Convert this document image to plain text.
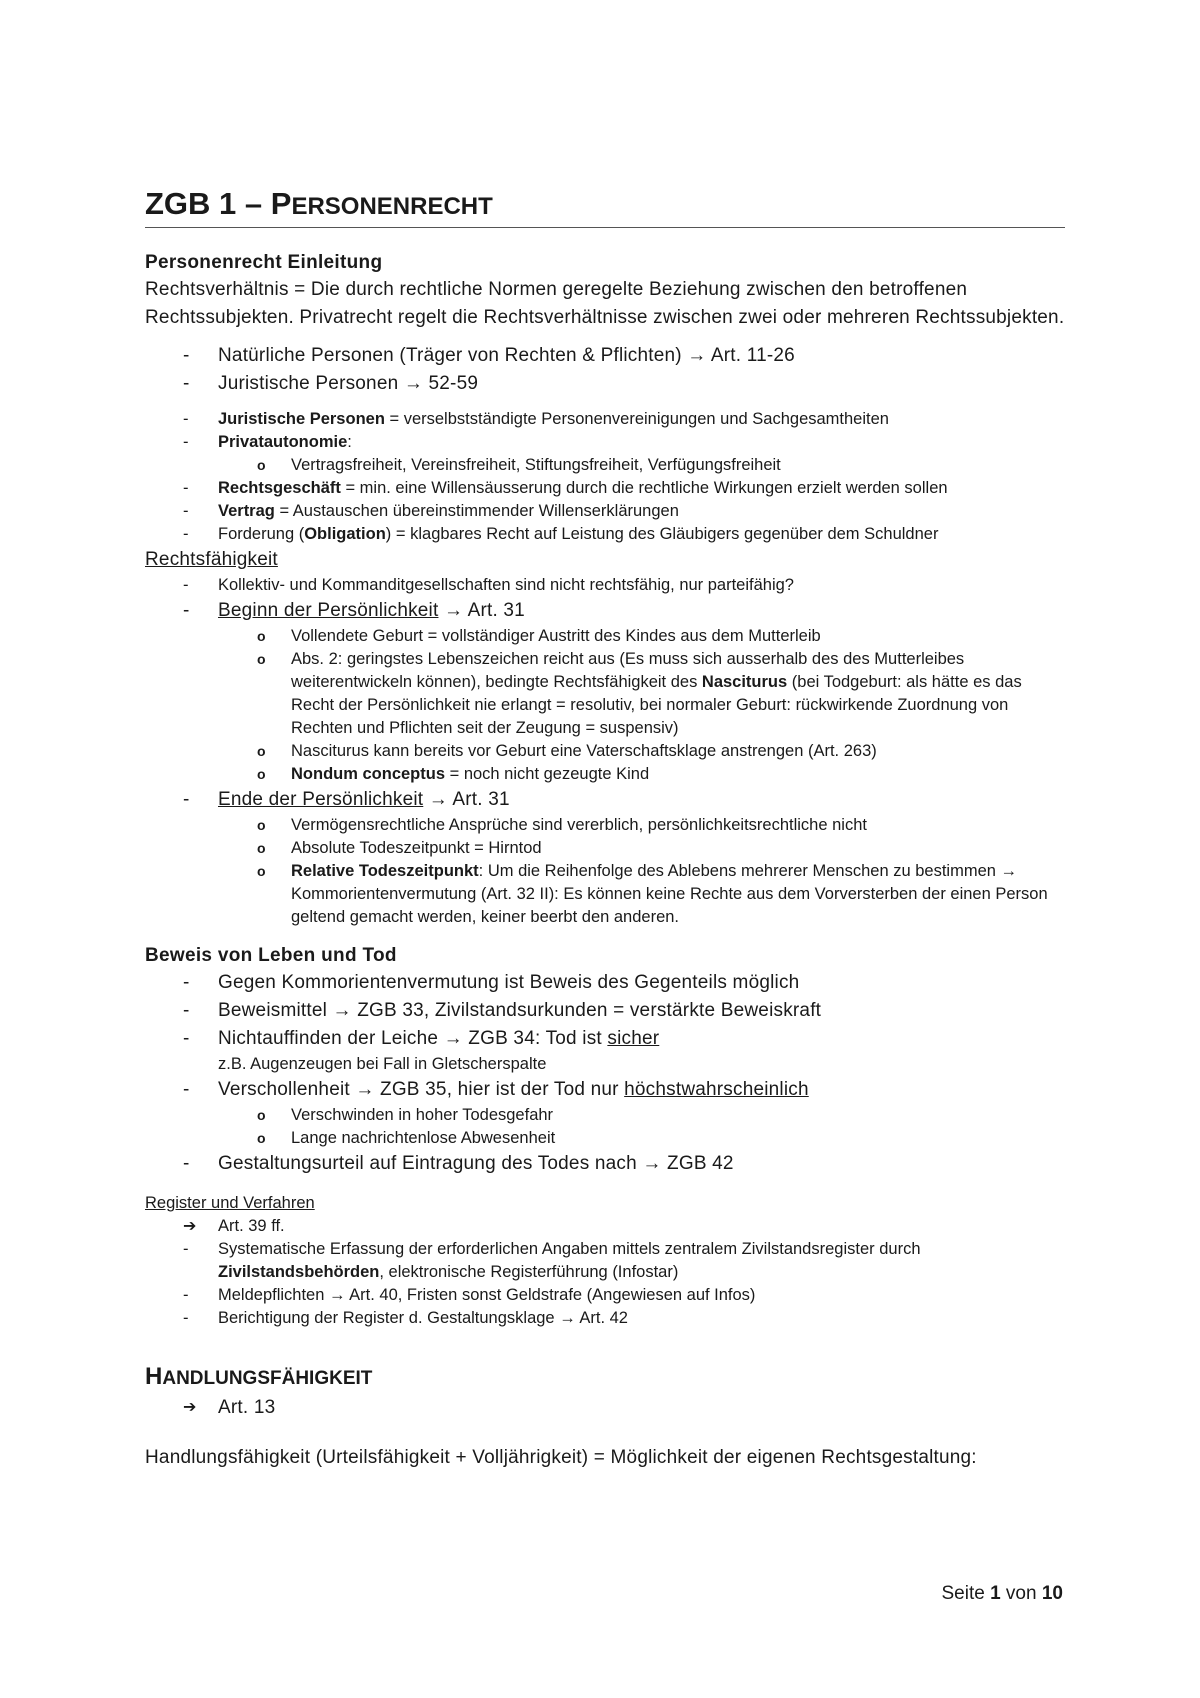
ZGB 1 – PERSONENRECHT

Personenrecht Einleitung

Rechtsverhältnis = Die durch rechtliche Normen geregelte Beziehung zwischen den betroffenen Rechtssubjekten. Privatrecht regelt die Rechtsverhältnisse zwischen zwei oder mehreren Rechtssubjekten.

- Natürliche Personen (Träger von Rechten & Pflichten) → Art. 11-26
- Juristische Personen → 52-59
- Juristische Personen = verselbstständigte Personenvereinigungen und Sachgesamtheiten
- Privatautonomie:
o Vertragsfreiheit, Vereinsfreiheit, Stiftungsfreiheit, Verfügungsfreiheit
- Rechtsgeschäft = min. eine Willensäusserung durch die rechtliche Wirkungen erzielt werden sollen
- Vertrag = Austauschen übereinstimmender Willenserklärungen
- Forderung (Obligation) = klagbares Recht auf Leistung des Gläubigers gegenüber dem Schuldner

Rechtsfähigkeit

- Kollektiv- und Kommanditgesellschaften sind nicht rechtsfähig, nur parteifähig?
- Beginn der Persönlichkeit → Art. 31
o Vollendete Geburt = vollständiger Austritt des Kindes aus dem Mutterleib
o Abs. 2: geringstes Lebenszeichen reicht aus (Es muss sich ausserhalb des des Mutterleibes weiterentwickeln können), bedingte Rechtsfähigkeit des Nasciturus (bei Todgeburt: als hätte es das Recht der Persönlichkeit nie erlangt = resolutiv, bei normaler Geburt: rückwirkende Zuordnung von Rechten und Pflichten seit der Zeugung = suspensiv)
o Nasciturus kann bereits vor Geburt eine Vaterschaftsklage anstrengen (Art. 263)
o Nondum conceptus = noch nicht gezeugte Kind
- Ende der Persönlichkeit → Art. 31
o Vermögensrechtliche Ansprüche sind vererblich, persönlichkeitsrechtliche nicht
o Absolute Todeszeitpunkt = Hirntod
o Relative Todeszeitpunkt: Um die Reihenfolge des Ablebens mehrerer Menschen zu bestimmen → Kommorientenvermutung (Art. 32 II): Es können keine Rechte aus dem Vorversterben der einen Person geltend gemacht werden, keiner beerbt den anderen.

Beweis von Leben und Tod

- Gegen Kommorientenvermutung ist Beweis des Gegenteils möglich
- Beweismittel → ZGB 33, Zivilstandsurkunden = verstärkte Beweiskraft
- Nichtauffinden der Leiche → ZGB 34: Tod ist sicher
z.B. Augenzeugen bei Fall in Gletscherspalte
- Verschollenheit → ZGB 35, hier ist der Tod nur höchstwahrscheinlich
o Verschwinden in hoher Todesgefahr
o Lange nachrichtenlose Abwesenheit
- Gestaltungsurteil auf Eintragung des Todes nach → ZGB 42

Register und Verfahren

➔ Art. 39 ff.
- Systematische Erfassung der erforderlichen Angaben mittels zentralem Zivilstandsregister durch Zivilstandsbehörden, elektronische Registerführung (Infostar)
- Meldepflichten → Art. 40, Fristen sonst Geldstrafe (Angewiesen auf Infos)
- Berichtigung der Register d. Gestaltungsklage → Art. 42

HANDLUNGSFÄHIGKEIT

➔ Art. 13

Handlungsfähigkeit (Urteilsfähigkeit + Volljährigkeit) = Möglichkeit der eigenen Rechtsgestaltung:

Seite 1 von 10
